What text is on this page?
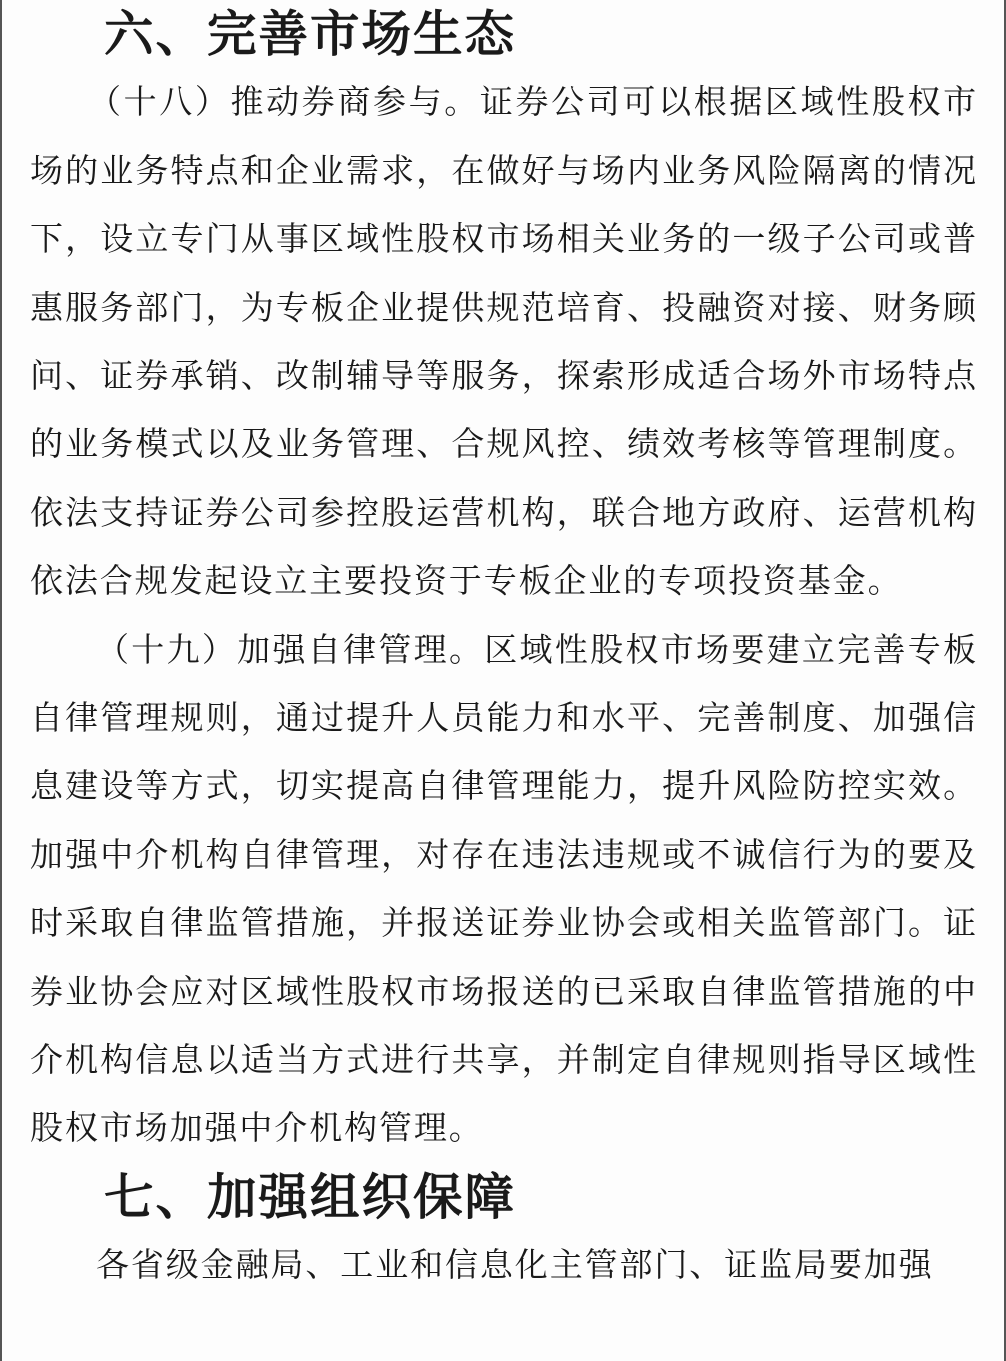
六、完善市场生态

（十八）推动券商参与。证券公司可以根据区域性股权市场的业务特点和企业需求，在做好与场内业务风险隔离的情况下，设立专门从事区域性股权市场相关业务的一级子公司或普惠服务部门，为专板企业提供规范培育、投融资对接、财务顾问、证券承销、改制辅导等服务，探索形成适合场外市场特点的业务模式以及业务管理、合规风控、绩效考核等管理制度。依法支持证券公司参控股运营机构，联合地方政府、运营机构依法合规发起设立主要投资于专板企业的专项投资基金。

（十九）加强自律管理。区域性股权市场要建立完善专板自律管理规则，通过提升人员能力和水平、完善制度、加强信息建设等方式，切实提高自律管理能力，提升风险防控实效。加强中介机构自律管理，对存在违法违规或不诚信行为的要及时采取自律监管措施，并报送证券业协会或相关监管部门。证券业协会应对区域性股权市场报送的已采取自律监管措施的中介机构信息以适当方式进行共享，并制定自律规则指导区域性股权市场加强中介机构管理。

七、加强组织保障

各省级金融局、工业和信息化主管部门、证监局要加强
